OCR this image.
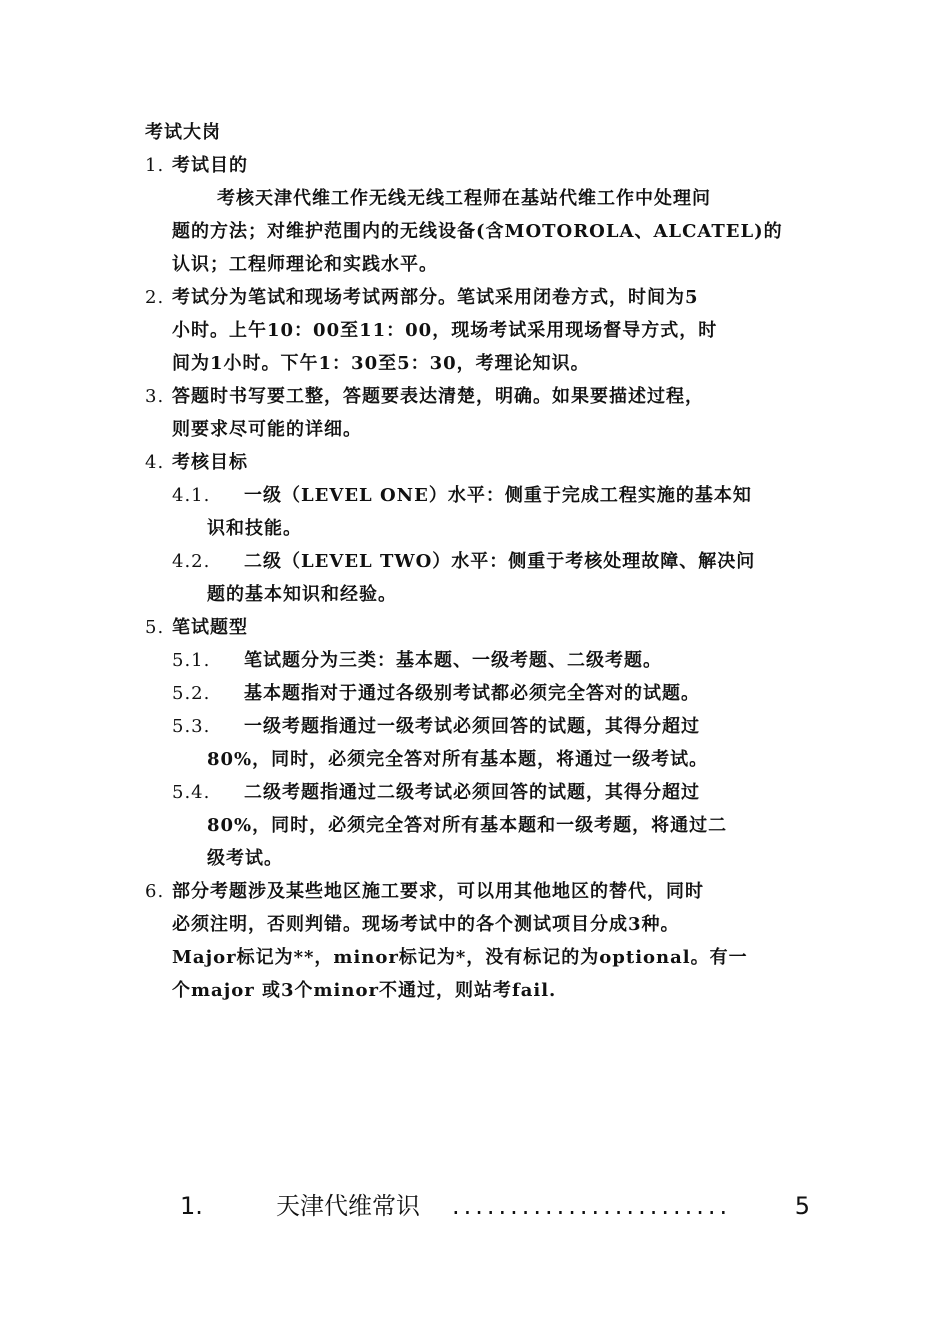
考试大岗
1. 考试目的
考核天津代维工作无线无线工程师在基站代维工作中处理问
题的方法；对维护范围内的无线设备(含MOTOROLA、ALCATEL)的
认识；工程师理论和实践水平。
2. 考试分为笔试和现场考试两部分。笔试采用闭卷方式，时间为5
小时。上午10：00至11：00，现场考试采用现场督导方式，时
间为1小时。下午1：30至5：30，考理论知识。
3. 答题时书写要工整，答题要表达清楚，明确。如果要描述过程，
则要求尽可能的详细。
4. 考核目标
4.1. 一级（LEVEL ONE）水平：侧重于完成工程实施的基本知
识和技能。
4.2. 二级（LEVEL TWO）水平：侧重于考核处理故障、解决问
题的基本知识和经验。
5. 笔试题型
5.1. 笔试题分为三类：基本题、一级考题、二级考题。
5.2. 基本题指对于通过各级别考试都必须完全答对的试题。
5.3. 一级考题指通过一级考试必须回答的试题，其得分超过
80%，同时，必须完全答对所有基本题，将通过一级考试。
5.4. 二级考题指通过二级考试必须回答的试题，其得分超过
80%，同时，必须完全答对所有基本题和一级考题，将通过二
级考试。
6. 部分考题涉及某些地区施工要求，可以用其他地区的替代，同时
必须注明，否则判错。现场考试中的各个测试项目分成3种。
Major标记为**，minor标记为*，没有标记的为optional。有一
个major 或3个minor不通过，则站考fail.
1.	天津代维常识 ........................	5
